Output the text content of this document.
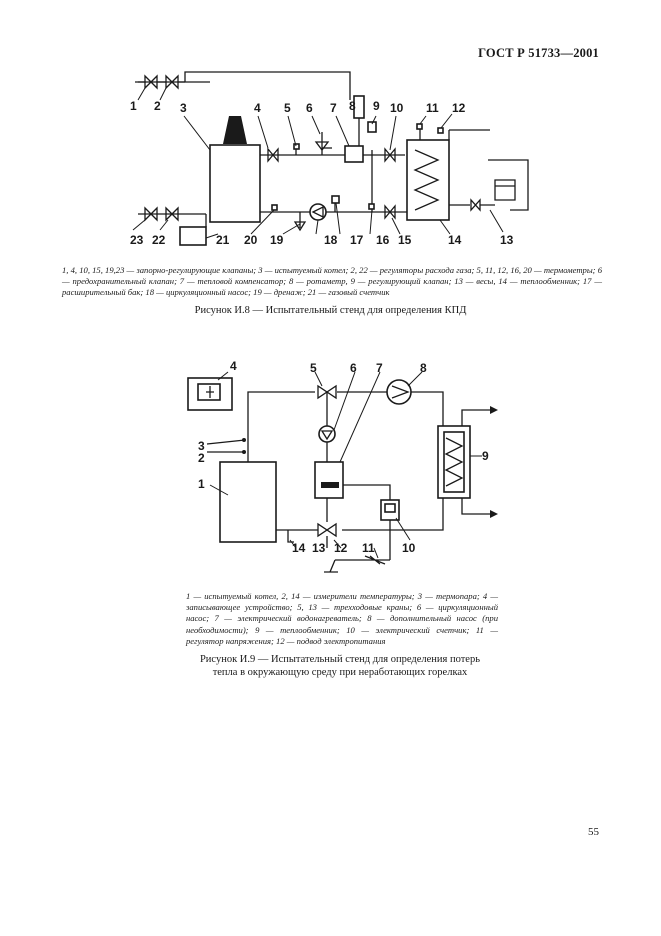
ГОСТ Р 51733—2001
1 2 3	4 5 6 7 8 9 10 11 12
13
14
15
16
17
18
19
20
21
22
23
1, 4, 10, 15, 19,23 — запорно-регулирующие клапаны; 3 — испытуемый котел; 2, 22 — регуляторы расхода газа; 5, 11, 12, 16, 20 — термометры; 6 — предохранительный клапан; 7 — тепловой компенсатор; 8 — ротаметр, 9 — регулирующий клапан; 13 — весы, 14 — теплообменник; 17 — расширительный бак; 18 — циркуляционный насос; 19 — дренаж; 21 — газовый счетчик
Рисунок И.8 — Испытательный стенд для определения КПД
1
2
3
4	5	6 7	8
9
10
11
12
13
14
1 — испытуемый котел, 2, 14 — измерители температуры; 3 — термопара; 4 — записывающее устройство; 5, 13 — трехходовые краны; 6 — циркуляционный насос; 7 — электрический водонагреватель; 8 — дополнительный насос (при необходимости); 9 — теплообменник; 10 — электрический счетчик; 11 — регулятор напряжения; 12 — подвод электропитания
Рисунок И.9 — Испытательный стенд для определения потерь
тепла в окружающую среду при неработающих горелках
55
